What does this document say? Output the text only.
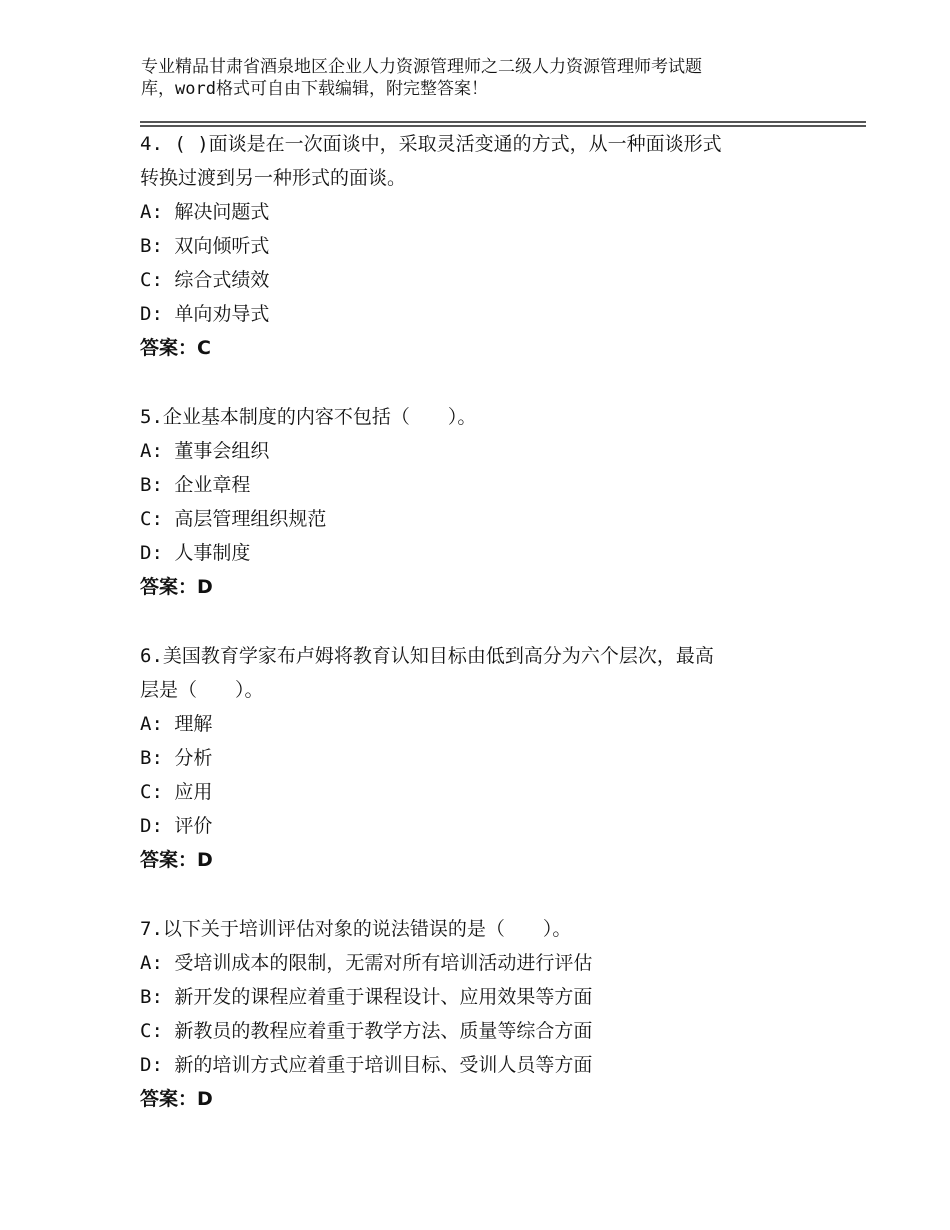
专业精品甘肃省酒泉地区企业人力资源管理师之二级人力资源管理师考试题
库，word格式可自由下载编辑，附完整答案！
4. ( )面谈是在一次面谈中，采取灵活变通的方式，从一种面谈形式
转换过渡到另一种形式的面谈。
A: 解决问题式
B: 双向倾听式
C: 综合式绩效
D: 单向劝导式
答案：C
5.企业基本制度的内容不包括（　　）。
A: 董事会组织
B: 企业章程
C: 高层管理组织规范
D: 人事制度
答案：D
6.美国教育学家布卢姆将教育认知目标由低到高分为六个层次，最高
层是（　　）。
A: 理解
B: 分析
C: 应用
D: 评价
答案：D
7.以下关于培训评估对象的说法错误的是（　　）。
A: 受培训成本的限制，无需对所有培训活动进行评估
B: 新开发的课程应着重于课程设计、应用效果等方面
C: 新教员的教程应着重于教学方法、质量等综合方面
D: 新的培训方式应着重于培训目标、受训人员等方面
答案：D
